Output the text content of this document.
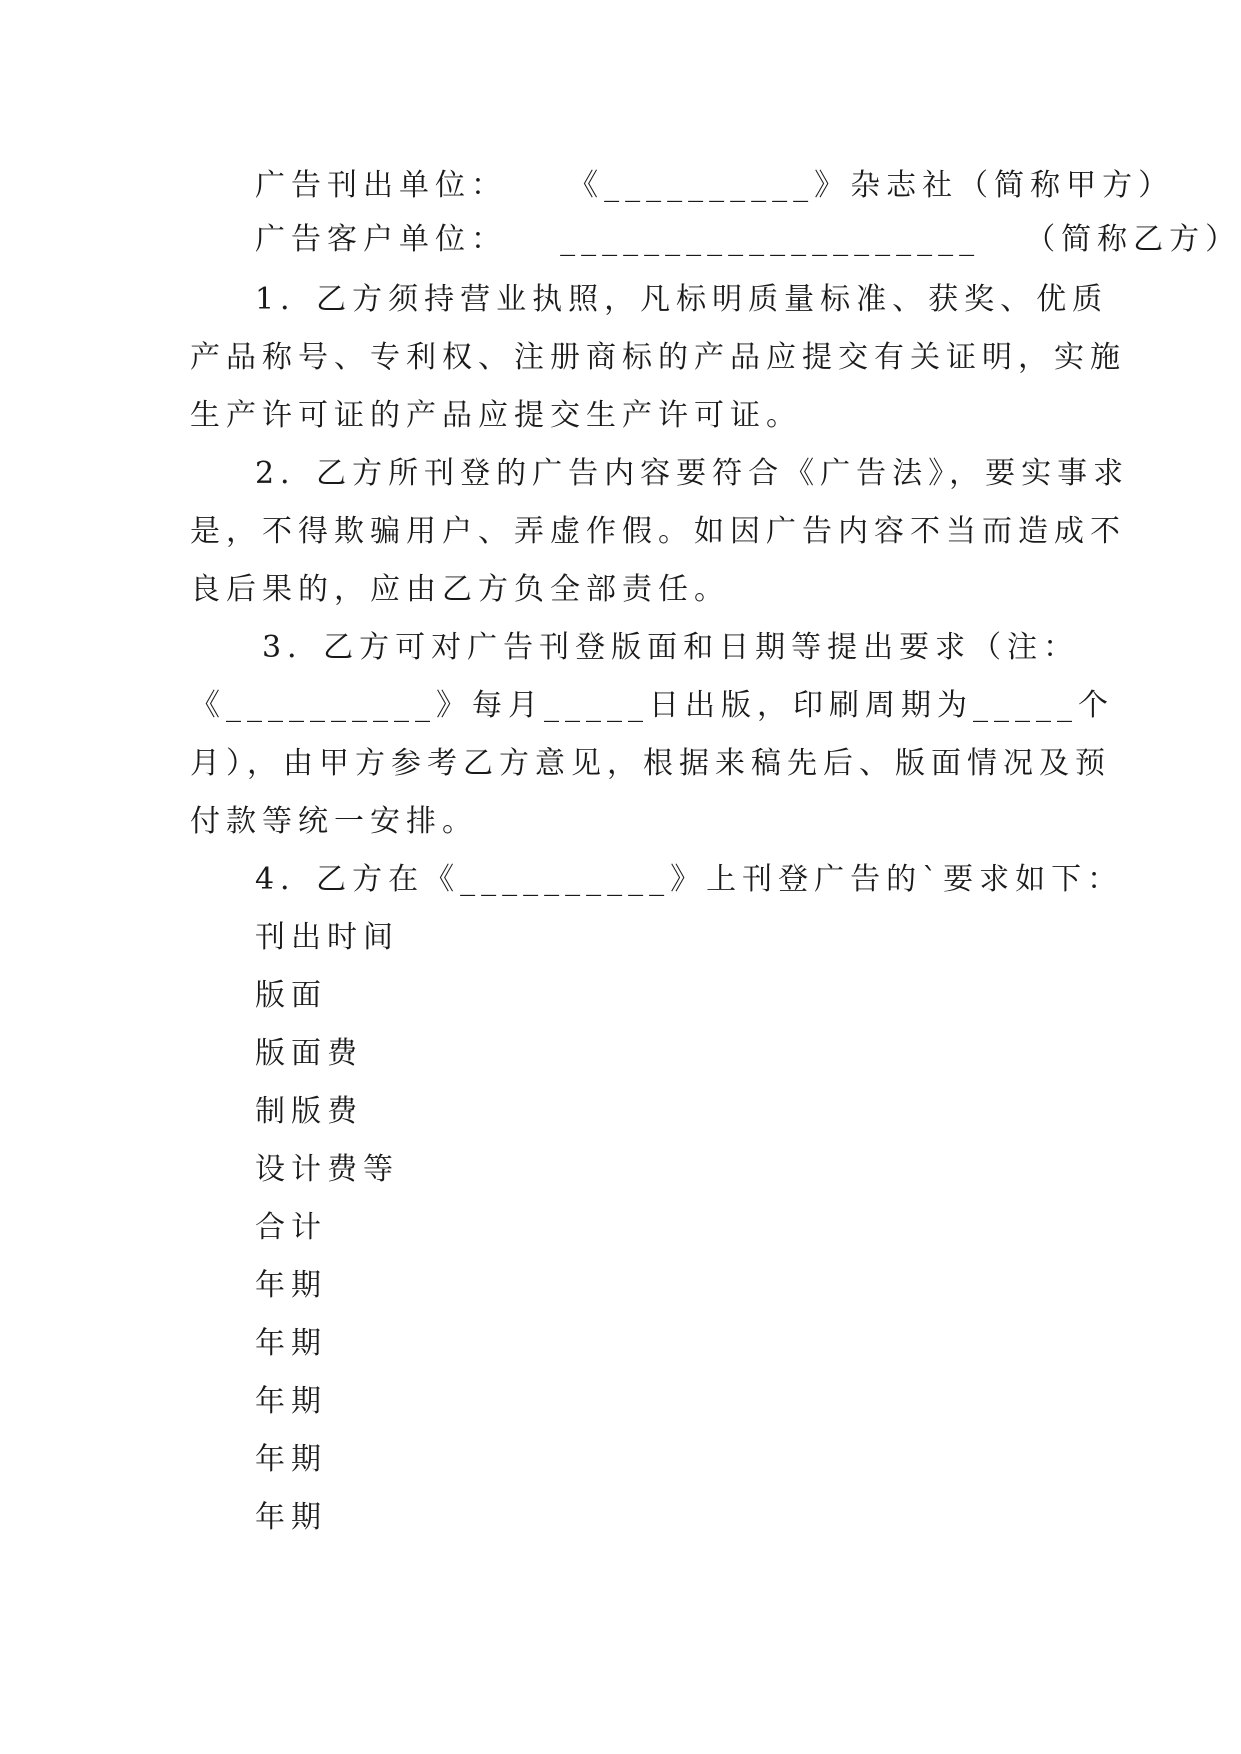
广告刊出单位： 《__________》杂志社（简称甲方）
广告客户单位： ____________________ （简称乙方）
1．乙方须持营业执照，凡标明质量标准、获奖、优质
产品称号、专利权、注册商标的产品应提交有关证明，实施
生产许可证的产品应提交生产许可证。
2．乙方所刊登的广告内容要符合《广告法》，要实事求
是，不得欺骗用户、弄虚作假。如因广告内容不当而造成不
良后果的，应由乙方负全部责任。
3．乙方可对广告刊登版面和日期等提出要求（注：
《__________》每月_____日出版，印刷周期为_____个
月），由甲方参考乙方意见，根据来稿先后、版面情况及预
付款等统一安排。
4．乙方在《__________》上刊登广告的`要求如下：
刊出时间
版面
版面费
制版费
设计费等
合计
年期
年期
年期
年期
年期
